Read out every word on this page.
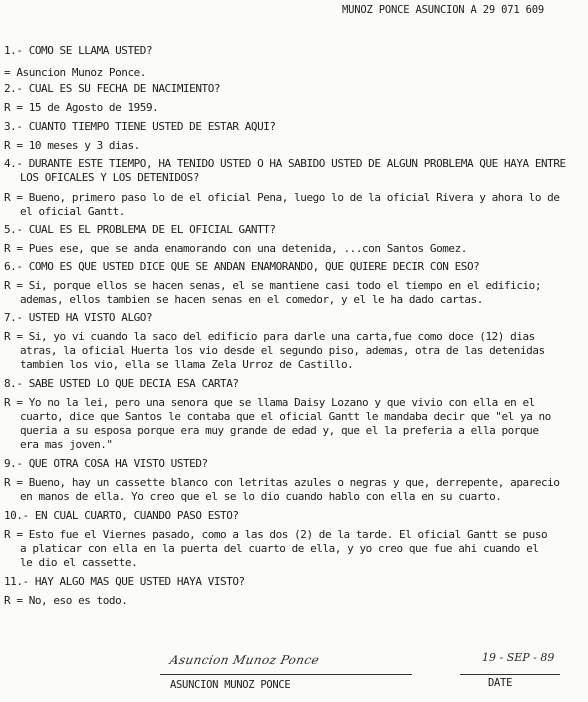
MUNOZ PONCE ASUNCION A 29 071 609
1.- COMO SE LLAMA USTED?
= Asuncion Munoz Ponce.
2.- CUAL ES SU FECHA DE NACIMIENTO?
R = 15 de Agosto de 1959.
3.- CUANTO TIEMPO TIENE USTED DE ESTAR AQUI?
R = 10 meses y 3 dias.
4.- DURANTE ESTE TIEMPO, HA TENIDO USTED O HA SABIDO USTED DE ALGUN PROBLEMA QUE HAYA ENTRE
LOS OFICALES Y LOS DETENIDOS?
R = Bueno, primero paso lo de el oficial Pena, luego lo de la oficial Rivera y ahora lo de
el oficial Gantt.
5.- CUAL ES EL PROBLEMA DE EL OFICIAL GANTT?
R = Pues ese, que se anda enamorando con una detenida, ...con Santos Gomez.
6.- COMO ES QUE USTED DICE QUE SE ANDAN ENAMORANDO, QUE QUIERE DECIR CON ESO?
R = Si, porque ellos se hacen senas, el se mantiene casi todo el tiempo en el edificio;
ademas, ellos tambien se hacen senas en el comedor, y el le ha dado cartas.
7.- USTED HA VISTO ALGO?
R = Si, yo vi cuando la saco del edificio para darle una carta,fue como doce (12) dias
atras, la oficial Huerta los vio desde el segundo piso, ademas, otra de las detenidas
tambien los vio, ella se llama Zela Urroz de Castillo.
8.- SABE USTED LO QUE DECIA ESA CARTA?
R = Yo no la lei, pero una senora que se llama Daisy Lozano y que vivio con ella en el
cuarto, dice que Santos le contaba que el oficial Gantt le mandaba decir que "el ya no
queria a su esposa porque era muy grande de edad y, que el la preferia a ella porque
era mas joven."
9.- QUE OTRA COSA HA VISTO USTED?
R = Bueno, hay un cassette blanco con letritas azules o negras y que, derrepente, aparecio
en manos de ella. Yo creo que el se lo dio cuando hablo con ella en su cuarto.
10.- EN CUAL CUARTO, CUANDO PASO ESTO?
R = Esto fue el Viernes pasado, como a las dos (2) de la tarde. El oficial Gantt se puso
a platicar con ella en la puerta del cuarto de ella, y yo creo que fue ahi cuando el
le dio el cassette.
11.- HAY ALGO MAS QUE USTED HAYA VISTO?
R = No, eso es todo.
Asuncion Munoz Ponce
ASUNCION MUNOZ PONCE
19 - SEP - 89
DATE
